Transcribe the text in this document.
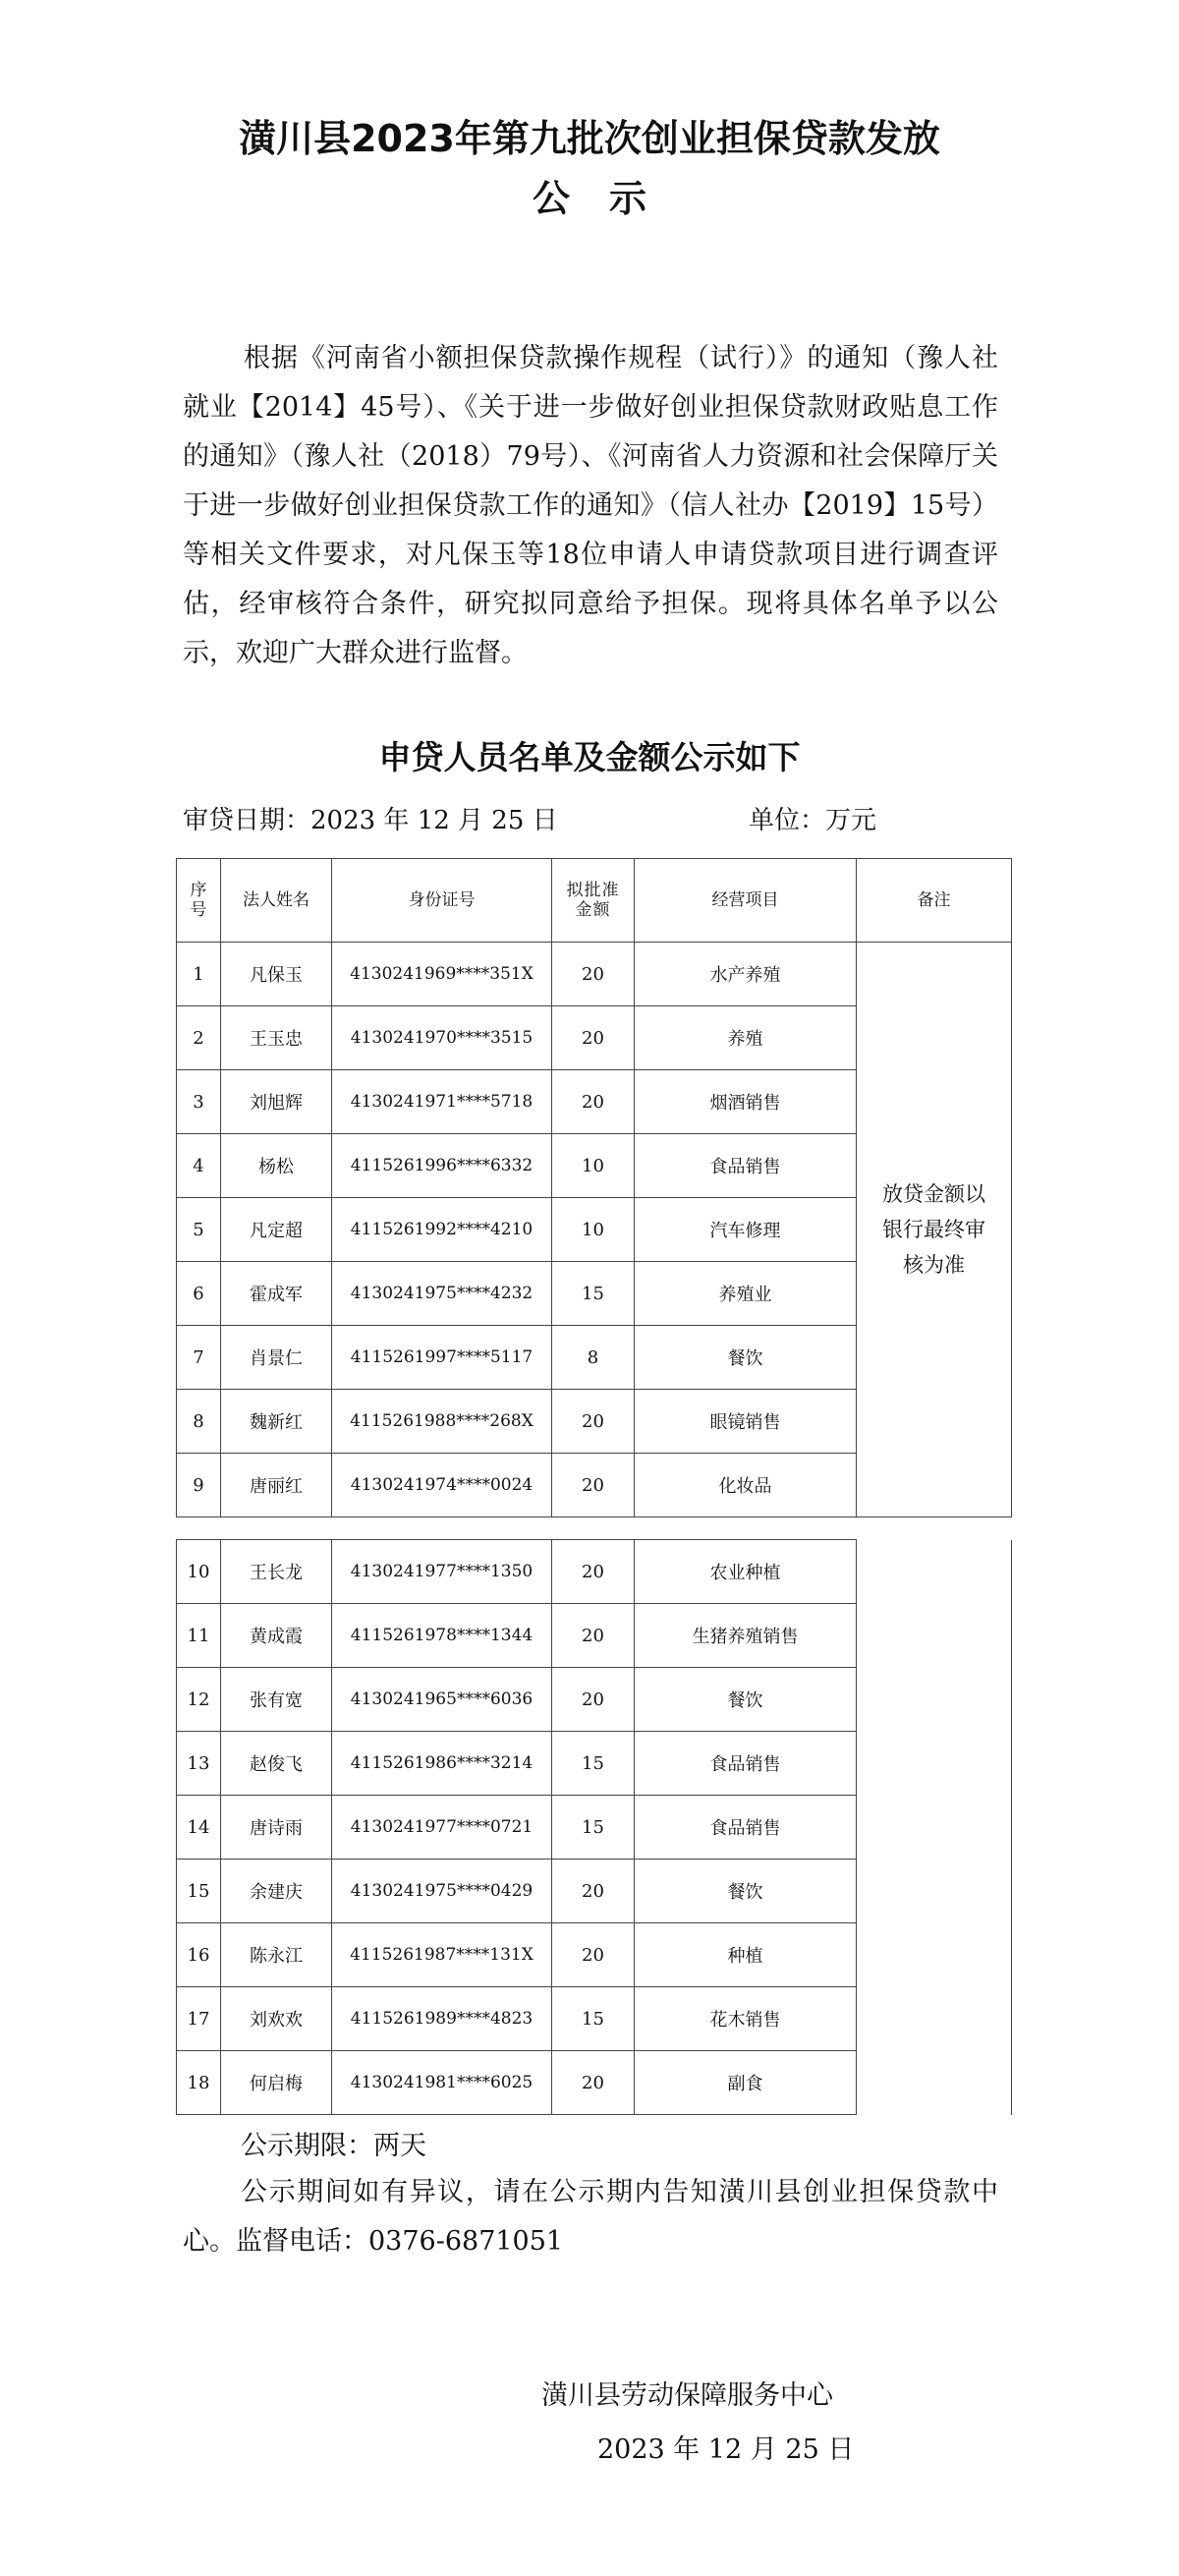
潢川县2023年第九批次创业担保贷款发放
公示
根据《河南省小额担保贷款操作规程（试行）》的通知（豫人社就业【2014】45号）、《关于进一步做好创业担保贷款财政贴息工作的通知》（豫人社（2018）79号）、《河南省人力资源和社会保障厅关于进一步做好创业担保贷款工作的通知》（信人社办【2019】15号）等相关文件要求，对凡保玉等18位申请人申请贷款项目进行调查评估，经审核符合条件，研究拟同意给予担保。现将具体名单予以公示，欢迎广大群众进行监督。
申贷人员名单及金额公示如下
审贷日期：2023 年 12 月 25 日	单位：万元
序号	法人姓名	身份证号	拟批准金额	经营项目	备注
1	凡保玉	4130241969****351X	20	水产养殖	放贷金额以银行最终审核为准
2	王玉忠	4130241970****3515	20	养殖	
3	刘旭辉	4130241971****5718	20	烟酒销售	
4	杨松	4115261996****6332	10	食品销售	
5	凡定超	4115261992****4210	10	汽车修理	
6	霍成军	4130241975****4232	15	养殖业	
7	肖景仁	4115261997****5117	8	餐饮	
8	魏新红	4115261988****268X	20	眼镜销售	
9	唐丽红	4130241974****0024	20	化妆品	
10	王长龙	4130241977****1350	20	农业种植	
11	黄成霞	4115261978****1344	20	生猪养殖销售	
12	张有宽	4130241965****6036	20	餐饮	
13	赵俊飞	4115261986****3214	15	食品销售	
14	唐诗雨	4130241977****0721	15	食品销售	
15	余建庆	4130241975****0429	20	餐饮	
16	陈永江	4115261987****131X	20	种植	
17	刘欢欢	4115261989****4823	15	花木销售	
18	何启梅	4130241981****6025	20	副食	
公示期限：两天
公示期间如有异议，请在公示期内告知潢川县创业担保贷款中心。监督电话：0376-6871051
潢川县劳动保障服务中心
2023 年 12 月 25 日
